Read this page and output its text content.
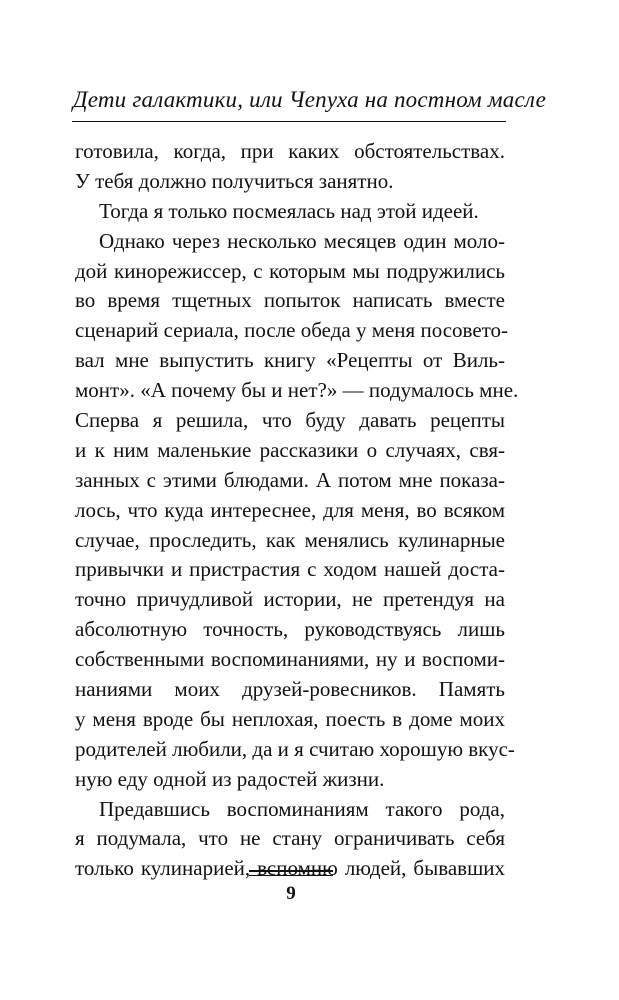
Дети галактики, или Чепуха на постном масле
готовила, когда, при каких обстоятельствах.
У тебя должно получиться занятно.
Тогда я только посмеялась над этой идеей.
Однако через несколько месяцев один моло-
дой кинорежиссер, с которым мы подружились
во время тщетных попыток написать вместе
сценарий сериала, после обеда у меня посовето-
вал мне выпустить книгу «Рецепты от Виль-
монт». «А почему бы и нет?» — подумалось мне.
Сперва я решила, что буду давать рецепты
и к ним маленькие рассказики о случаях, свя-
занных с этими блюдами. А потом мне показа-
лось, что куда интереснее, для меня, во всяком
случае, проследить, как менялись кулинарные
привычки и пристрастия с ходом нашей доста-
точно причудливой истории, не претендуя на
абсолютную точность, руководствуясь лишь
собственными воспоминаниями, ну и воспоми-
наниями моих друзей-ровесников. Память
у меня вроде бы неплохая, поесть в доме моих
родителей любили, да и я считаю хорошую вкус-
ную еду одной из радостей жизни.
Предавшись воспоминаниям такого рода,
я подумала, что не стану ограничивать себя
только кулинарией, вспомню людей, бывавших
9
